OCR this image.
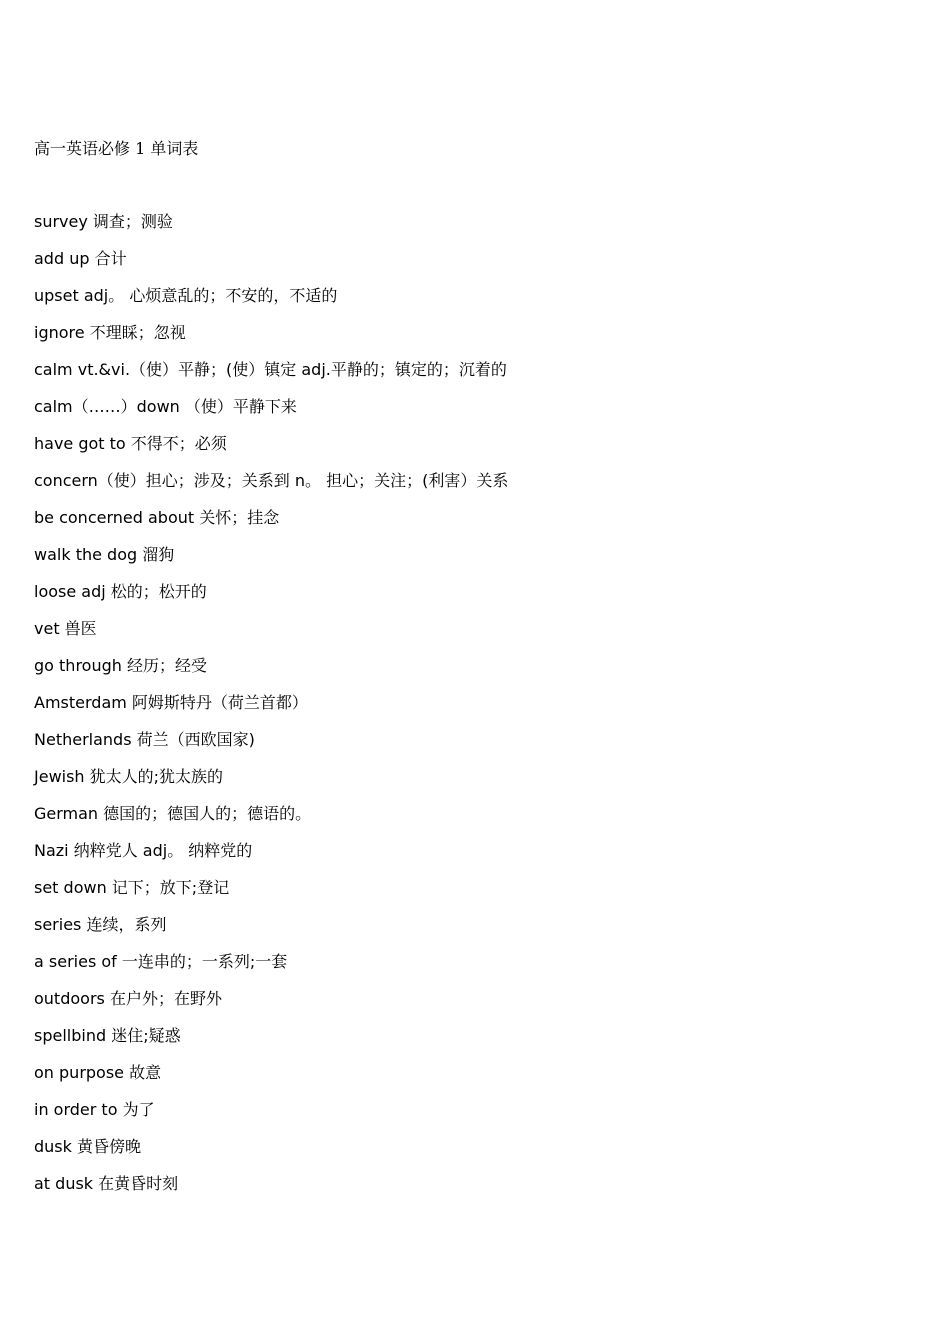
高一英语必修 1 单词表
survey 调查；测验
add up 合计
upset adj。 心烦意乱的；不安的，不适的
ignore 不理睬；忽视
calm vt.&vi.（使）平静；(使）镇定 adj.平静的；镇定的；沉着的
calm（……）down （使）平静下来
have got to 不得不；必须
concern（使）担心；涉及；关系到 n。 担心；关注；(利害）关系
be concerned about 关怀；挂念
walk the dog 溜狗
loose adj 松的；松开的
vet 兽医
go through 经历；经受
Amsterdam 阿姆斯特丹（荷兰首都）
Netherlands 荷兰（西欧国家)
Jewish 犹太人的;犹太族的
German 德国的；德国人的；德语的。
Nazi 纳粹党人 adj。 纳粹党的
set down 记下；放下;登记
series 连续，系列
a series of 一连串的；一系列;一套
outdoors 在户外；在野外
spellbind 迷住;疑惑
on purpose 故意
in order to 为了
dusk 黄昏傍晚
at dusk 在黄昏时刻
